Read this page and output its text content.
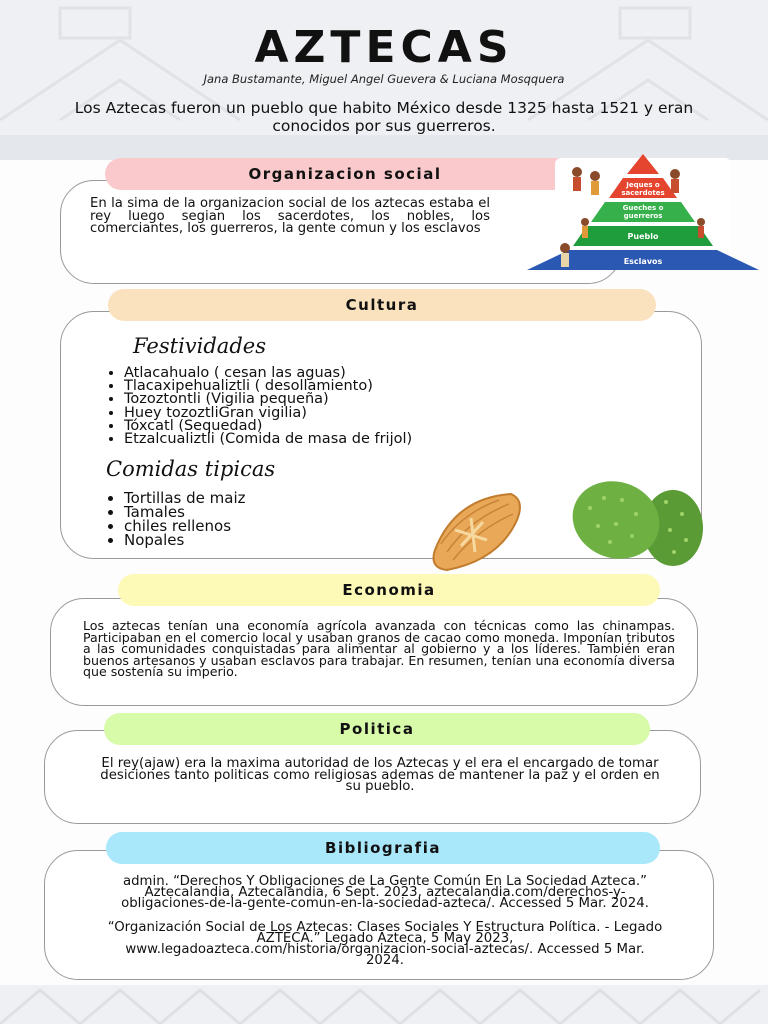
AZTECAS
Jana Bustamante, Miguel Angel Guevera & Luciana Mosqquera
Los Aztecas fueron un pueblo que habito México desde 1325 hasta 1521 y eran conocidos por sus guerreros.
Organizacion social
En la sima de la organizacion social de los aztecas estaba el rey luego segian los sacerdotes, los nobles, los comerciantes, los guerreros, la gente comun y los esclavos
Jeques o
sacerdotes
Gueches o
guerreros
Pueblo
Esclavos
Cultura
Festividades
• Atlacahualo ( cesan las aguas)
• Tlacaxipehualiztli ( desollamiento)
• Tozoztontli (Vigilia pequeña)
• Huey tozoztliGran vigilia)
• Tóxcatl (Sequedad)
• Etzalcualiztli (Comida de masa de frijol)
Comidas tipicas
• Tortillas de maiz
• Tamales
• chiles rellenos
• Nopales
Economia
Los aztecas tenían una economía agrícola avanzada con técnicas como las chinampas. Participaban en el comercio local y usaban granos de cacao como moneda. Imponían tributos a las comunidades conquistadas para alimentar al gobierno y a los líderes. También eran buenos artesanos y usaban esclavos para trabajar. En resumen, tenían una economía diversa que sostenía su imperio.
Politica
El rey(ajaw) era la maxima autoridad de los Aztecas y el era el encargado de tomar desiciones tanto politicas como religiosas ademas de mantener la paz y el orden en su pueblo.
Bibliografia

admin. “Derechos Y Obligaciones de La Gente Común En La Sociedad Azteca.” Aztecalandia, Aztecalandia, 6 Sept. 2023, aztecalandia.com/derechos-y-obligaciones-de-la-gente-comun-en-la-sociedad-azteca/. Accessed 5 Mar. 2024.

“Organización Social de Los Aztecas: Clases Sociales Y Estructura Política. - Legado AZTECA.” Legado Azteca, 5 May 2023, www.legadoazteca.com/historia/organizacion-social-aztecas/. Accessed 5 Mar. 2024.
